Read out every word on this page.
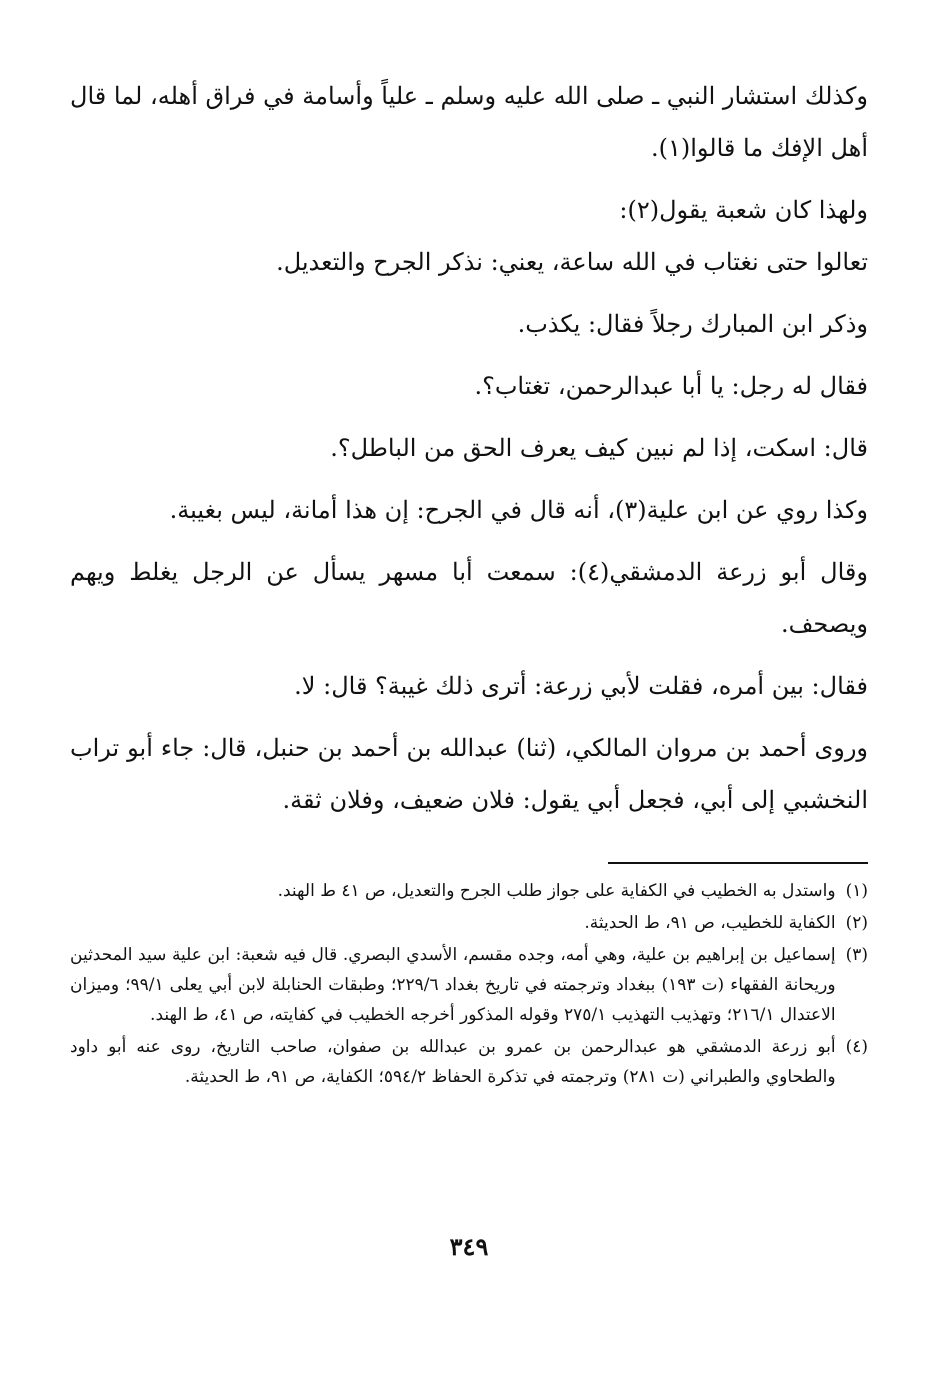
وكذلك استشار النبي ـ صلى الله عليه وسلم ـ علياً وأسامة في فراق أهله، لما قال أهل الإفك ما قالوا(١).

ولهذا كان شعبة يقول(٢):

تعالوا حتى نغتاب في الله ساعة، يعني: نذكر الجرح والتعديل.

وذكر ابن المبارك رجلاً فقال: يكذب.

فقال له رجل: يا أبا عبدالرحمن، تغتاب؟.

قال: اسكت، إذا لم نبين كيف يعرف الحق من الباطل؟.

وكذا روي عن ابن علية(٣)، أنه قال في الجرح: إن هذا أمانة، ليس بغيبة.

وقال أبو زرعة الدمشقي(٤): سمعت أبا مسهر يسأل عن الرجل يغلط ويهم ويصحف.

فقال: بين أمره، فقلت لأبي زرعة: أترى ذلك غيبة؟ قال: لا.

وروى أحمد بن مروان المالكي، (ثنا) عبدالله بن أحمد بن حنبل، قال: جاء أبو تراب النخشبي إلى أبي، فجعل أبي يقول: فلان ضعيف، وفلان ثقة.

(١)
واستدل به الخطيب في الكفاية على جواز طلب الجرح والتعديل، ص ٤١ ط الهند.
(٢)
الكفاية للخطيب، ص ٩١، ط الحديثة.
(٣)
إسماعيل بن إبراهيم بن علية، وهي أمه، وجده مقسم، الأسدي البصري. قال فيه شعبة: ابن علية سيد المحدثين وريحانة الفقهاء (ت ١٩٣) ببغداد وترجمته في تاريخ بغداد ٢٢٩/٦؛ وطبقات الحنابلة لابن أبي يعلى ٩٩/١؛ وميزان الاعتدال ٢١٦/١؛ وتهذيب التهذيب ٢٧٥/١ وقوله المذكور أخرجه الخطيب في كفايته، ص ٤١، ط الهند.
(٤)
أبو زرعة الدمشقي هو عبدالرحمن بن عمرو بن عبدالله بن صفوان، صاحب التاريخ، روى عنه أبو داود والطحاوي والطبراني (ت ٢٨١) وترجمته في تذكرة الحفاظ ٥٩٤/٢؛ الكفاية، ص ٩١، ط الحديثة.
٣٤٩
